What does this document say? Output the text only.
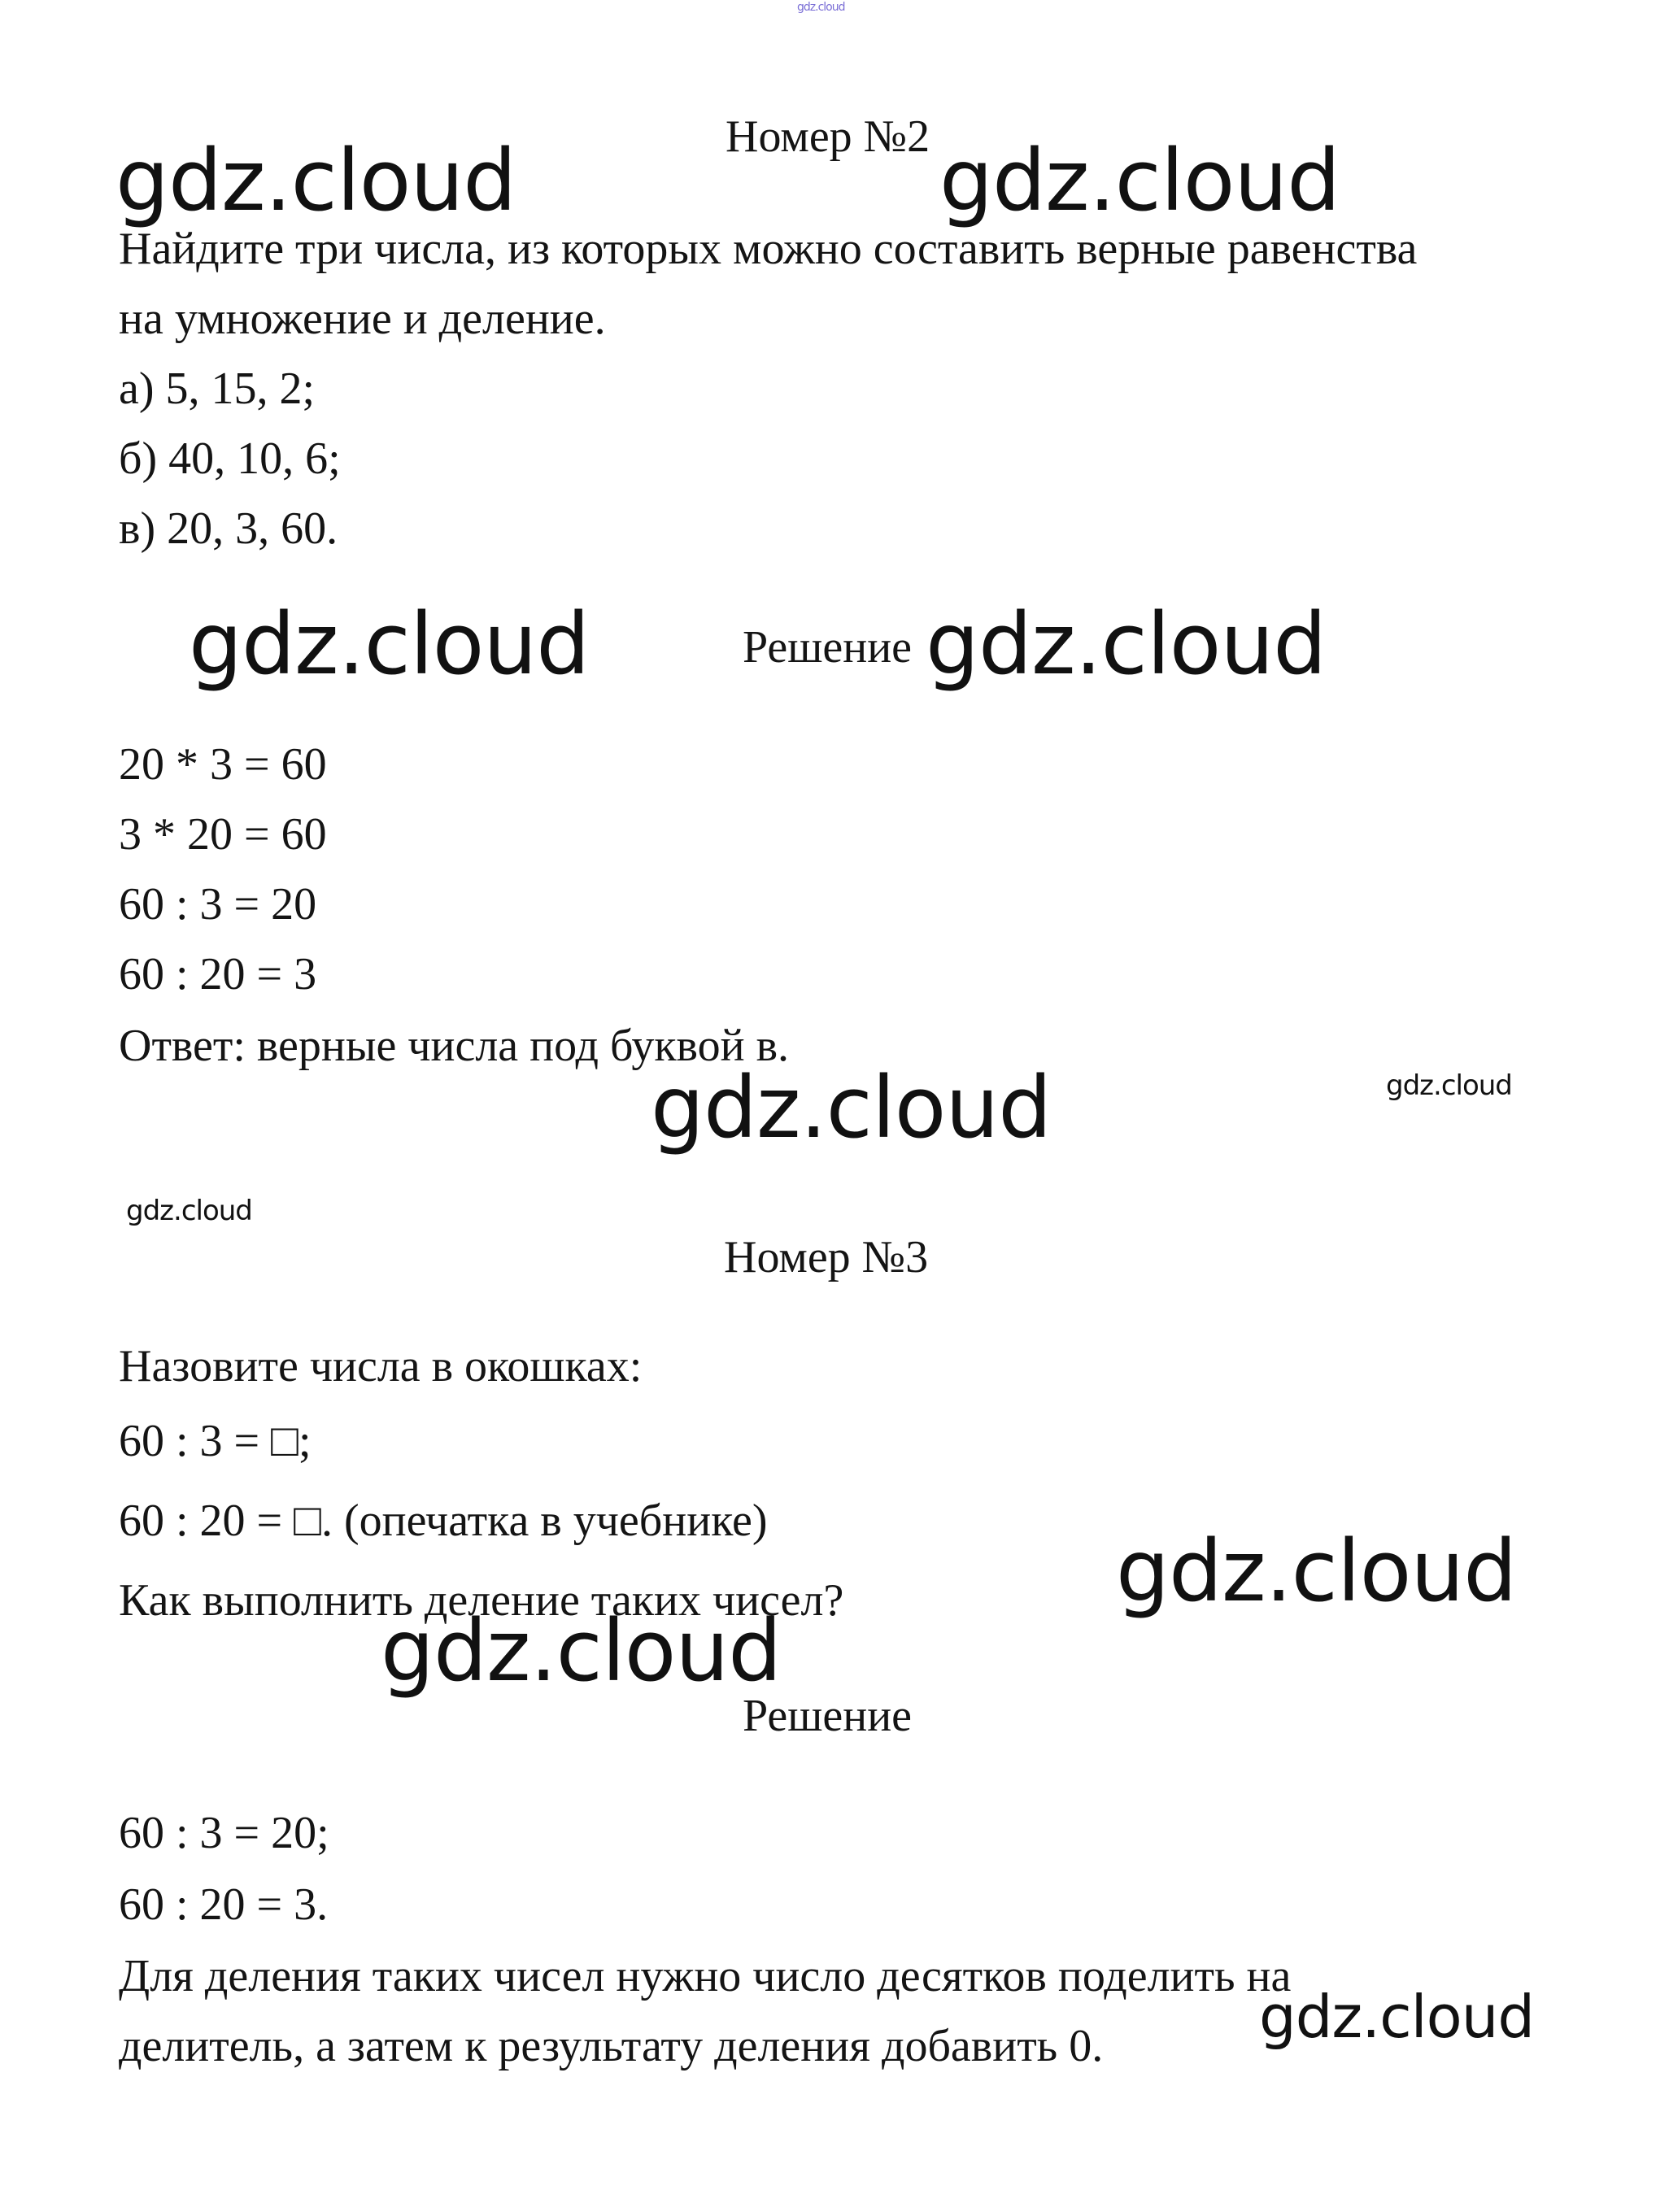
gdz.cloud
Номер №2
gdz.cloud	gdz.cloud
Найдите три числа, из которых можно составить верные равенства
на умножение и деление.
а) 5, 15, 2;
б) 40, 10, 6;
в) 20, 3, 60.
gdz.cloud	Решение gdz.cloud
20 * 3 = 60
3 * 20 = 60
60 : 3 = 20
60 : 20 = 3
Ответ: верные числа под буквой в.
gdz.cloud
gdz.cloud
gdz.cloud
Номер №3
Назовите числа в окошках:
60 : 3 = □;
60 : 20 = □. (опечатка в учебнике)
gdz.cloud
Как выполнить деление таких чисел?
gdz.cloud
Решение
60 : 3 = 20;
60 : 20 = 3.
Для деления таких чисел нужно число десятков поделить на
gdz.cloud
делитель, а затем к результату деления добавить 0.
